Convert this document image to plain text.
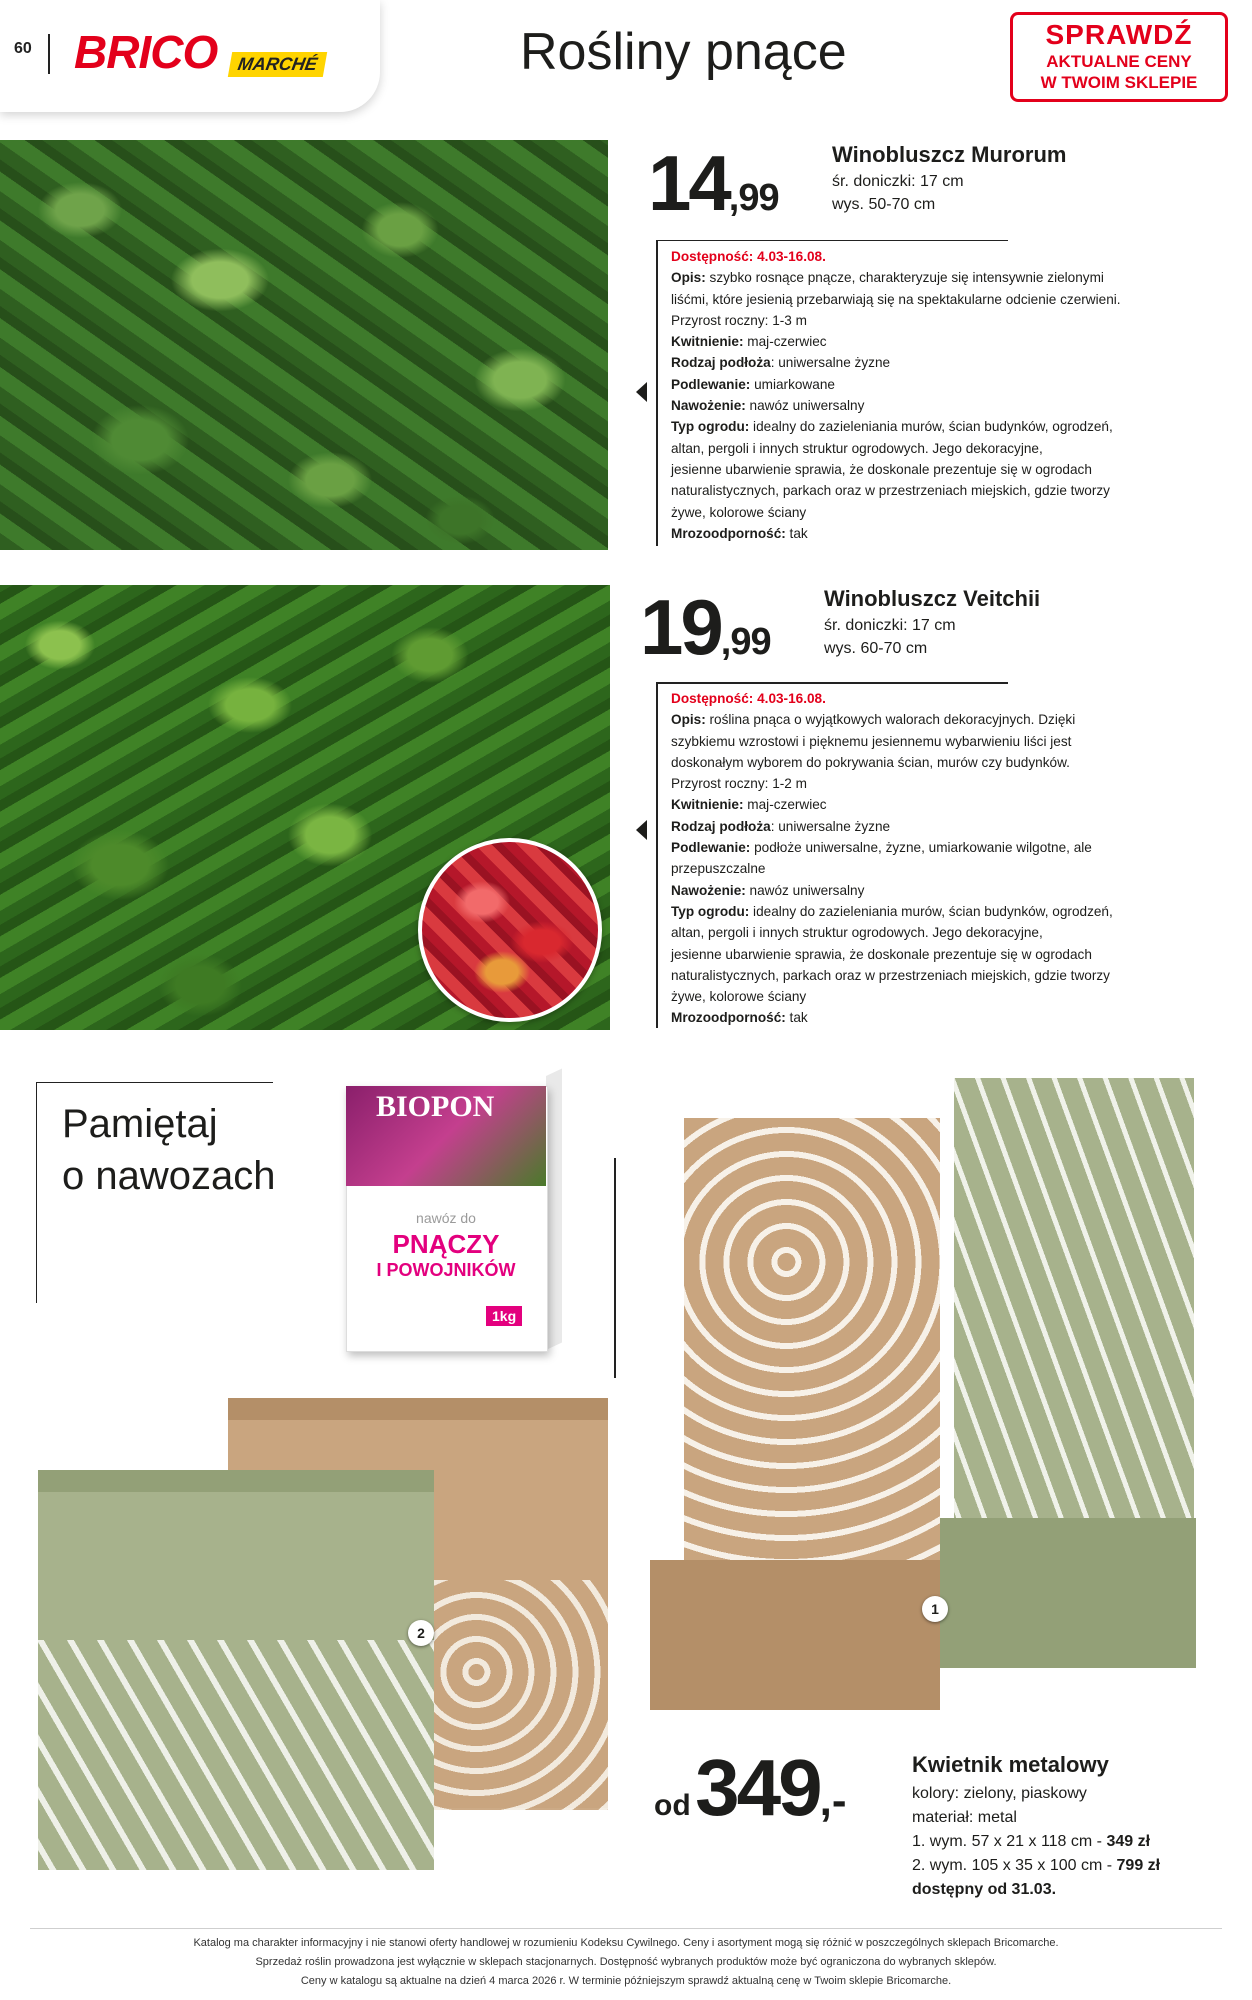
60 BRICO	MARCHÉ	Rośliny pnące	SPRAWDŹ
AKTUALNE CENY
W TWOIM SKLEPIE
14,99
Winobluszcz Murorum
śr. doniczki: 17 cm
wys. 50-70 cm
Dostępność: 4.03-16.08.
Opis: szybko rosnące pnącze, charakteryzuje się intensywnie zielonymi
liśćmi, które jesienią przebarwiają się na spektakularne odcienie czerwieni.
Przyrost roczny: 1-3 m
Kwitnienie: maj-czerwiec
Rodzaj podłoża: uniwersalne żyzne
Podlewanie: umiarkowane
Nawożenie: nawóz uniwersalny
Typ ogrodu: idealny do zazieleniania murów, ścian budynków, ogrodzeń,
altan, pergoli i innych struktur ogrodowych. Jego dekoracyjne,
jesienne ubarwienie sprawia, że doskonale prezentuje się w ogrodach
naturalistycznych, parkach oraz w przestrzeniach miejskich, gdzie tworzy
żywe, kolorowe ściany
Mrozoodporność: tak
19,99
Winobluszcz Veitchii
śr. doniczki: 17 cm
wys. 60-70 cm
Dostępność: 4.03-16.08.
Opis: roślina pnąca o wyjątkowych walorach dekoracyjnych. Dzięki
szybkiemu wzrostowi i pięknemu jesiennemu wybarwieniu liści jest
doskonałym wyborem do pokrywania ścian, murów czy budynków.
Przyrost roczny: 1-2 m
Kwitnienie: maj-czerwiec
Rodzaj podłoża: uniwersalne żyzne
Podlewanie: podłoże uniwersalne, żyzne, umiarkowanie wilgotne, ale
przepuszczalne
Nawożenie: nawóz uniwersalny
Typ ogrodu: idealny do zazieleniania murów, ścian budynków, ogrodzeń,
altan, pergoli i innych struktur ogrodowych. Jego dekoracyjne,
jesienne ubarwienie sprawia, że doskonale prezentuje się w ogrodach
naturalistycznych, parkach oraz w przestrzeniach miejskich, gdzie tworzy
żywe, kolorowe ściany
Mrozoodporność: tak
Pamiętaj
o nawozach
BIOPON
nawóz do
PNĄCZY
I POWOJNIKÓW
1kg
2
1
od 349,-
Kwietnik metalowy
kolory: zielony, piaskowy
materiał: metal
1. wym. 57 x 21 x 118 cm - 349 zł
2. wym. 105 x 35 x 100 cm - 799 zł
dostępny od 31.03.
Katalog ma charakter informacyjny i nie stanowi oferty handlowej w rozumieniu Kodeksu Cywilnego. Ceny i asortyment mogą się różnić w poszczególnych sklepach Bricomarche.
Sprzedaż roślin prowadzona jest wyłącznie w sklepach stacjonarnych. Dostępność wybranych produktów może być ograniczona do wybranych sklepów.
Ceny w katalogu są aktualne na dzień 4 marca 2026 r. W terminie późniejszym sprawdź aktualną cenę w Twoim sklepie Bricomarche.
